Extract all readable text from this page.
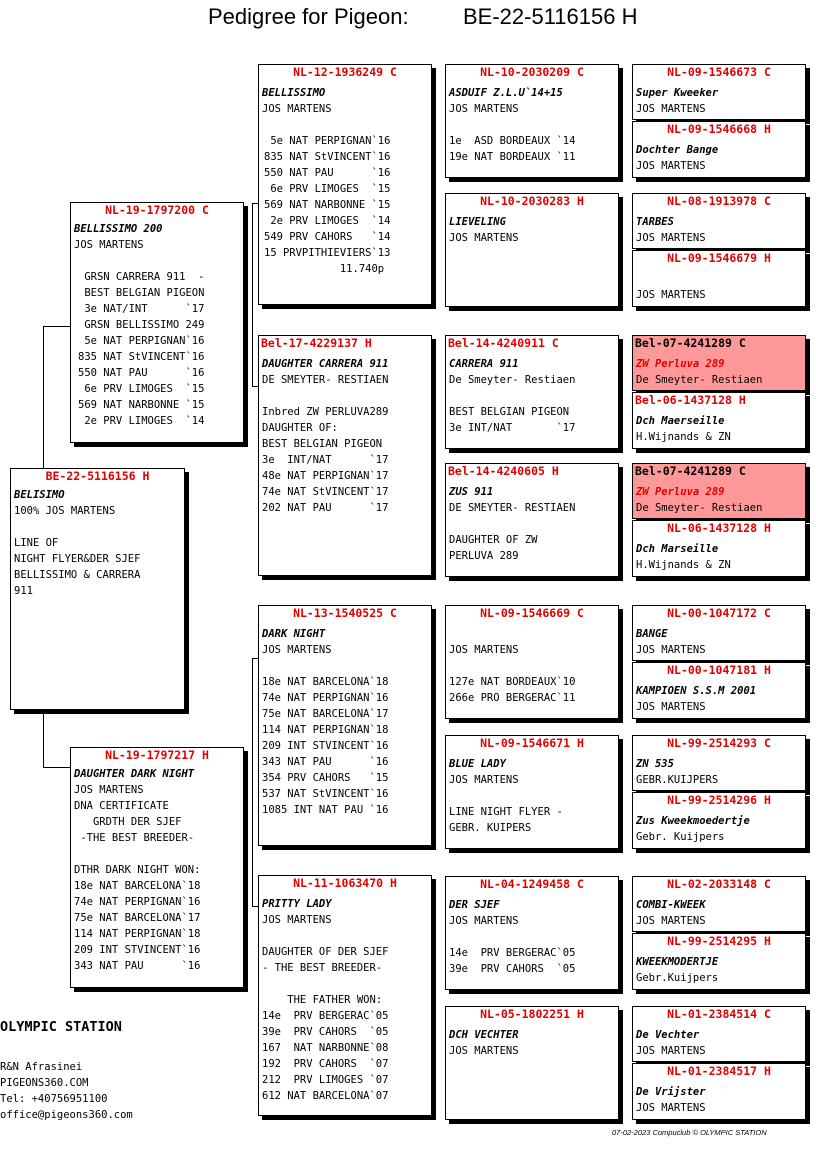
Pedigree for Pigeon: BE-22-5116156 H
BE-22-5116156 H
BELISIMO
100% JOS MARTENS
LINE OF
NIGHT FLYER&DER SJEF
BELLISSIMO & CARRERA
911
NL-19-1797200 C
BELLISSIMO 200
JOS MARTENS
GRSN CARRERA 911  -
BEST BELGIAN PIGEON
3e NAT/INT      `17
GRSN BELLISSIMO 249
5e NAT PERPIGNAN`16
835 NAT StVINCENT`16
550 NAT PAU      `16
6e PRV LIMOGES  `15
569 NAT NARBONNE `15
2e PRV LIMOGES  `14
NL-19-1797217 H
DAUGHTER DARK NIGHT
JOS MARTENS
DNA CERTIFICATE
GRDTH DER SJEF
-THE BEST BREEDER-

DTHR DARK NIGHT WON:
18e NAT BARCELONA`18
74e NAT PERPIGNAN`16
75e NAT BARCELONA`17
114 NAT PERPIGNAN`18
209 INT STVINCENT`16
343 NAT PAU      `16
NL-12-1936249 C
BELLISSIMO
JOS MARTENS
5e NAT PERPIGNAN`16
835 NAT StVINCENT`16
550 NAT PAU      `16
6e PRV LIMOGES  `15
569 NAT NARBONNE `15
2e PRV LIMOGES  `14
549 PRV CAHORS   `14
15 PRVPITHIEVIERS`13
11.740p
Bel-17-4229137 H
DAUGHTER CARRERA 911
DE SMEYTER- RESTIAEN
Inbred ZW PERLUVA289
DAUGHTER OF:
BEST BELGIAN PIGEON
3e  INT/NAT      `17
48e NAT PERPIGNAN`17
74e NAT StVINCENT`17
202 NAT PAU      `17
NL-13-1540525 C
DARK NIGHT
JOS MARTENS
18e NAT BARCELONA`18
74e NAT PERPIGNAN`16
75e NAT BARCELONA`17
114 NAT PERPIGNAN`18
209 INT STVINCENT`16
343 NAT PAU      `16
354 PRV CAHORS   `15
537 NAT StVINCENT`16
1085 INT NAT PAU `16
NL-11-1063470 H
PRITTY LADY
JOS MARTENS
DAUGHTER OF DER SJEF
- THE BEST BREEDER-

THE FATHER WON:
14e  PRV BERGERAC`05
39e  PRV CAHORS  `05
167  NAT NARBONNE`08
192  PRV CAHORS  `07
212  PRV LIMOGES `07
612 NAT BARCELONA`07
NL-10-2030209 C
ASDUIF Z.L.U`14+15
JOS MARTENS
1e  ASD BORDEAUX `14
19e NAT BORDEAUX `11
NL-10-2030283 H
LIEVELING
JOS MARTENS
Bel-14-4240911 C
CARRERA 911
De Smeyter- Restiaen
BEST BELGIAN PIGEON
3e INT/NAT       `17
Bel-14-4240605 H
ZUS 911
DE SMEYTER- RESTIAEN
DAUGHTER OF ZW
PERLUVA 289
NL-09-1546669 C
JOS MARTENS
127e NAT BORDEAUX`10
266e PRO BERGERAC`11
NL-09-1546671 H
BLUE LADY
JOS MARTENS
LINE NIGHT FLYER -
GEBR. KUIPERS
NL-04-1249458 C
DER SJEF
JOS MARTENS
14e  PRV BERGERAC`05
39e  PRV CAHORS  `05
NL-05-1802251 H
DCH VECHTER
JOS MARTENS
NL-09-1546673 C
Super Kweeker
JOS MARTENS
NL-09-1546668 H
Dochter Bange
JOS MARTENS
NL-08-1913978 C
TARBES
JOS MARTENS
NL-09-1546679 H
JOS MARTENS
Bel-07-4241289 C
ZW Perluva 289
De Smeyter- Restiaen
Bel-06-1437128 H
Dch Maerseille
H.Wijnands & ZN
Bel-07-4241289 C
ZW Perluva 289
De Smeyter- Restiaen
NL-06-1437128 H
Dch Marseille
H.Wijnands & ZN
NL-00-1047172 C
BANGE
JOS MARTENS
NL-00-1047181 H
KAMPIOEN S.S.M 2001
JOS MARTENS
NL-99-2514293 C
ZN 535
GEBR.KUIJPERS
NL-99-2514296 H
Zus Kweekmoedertje
Gebr. Kuijpers
NL-02-2033148 C
COMBI-KWEEK
JOS MARTENS
NL-99-2514295 H
KWEEKMODERTJE
Gebr.Kuijpers
NL-01-2384514 C
De Vechter
JOS MARTENS
NL-01-2384517 H
De Vrijster
JOS MARTENS
OLYMPIC STATION
R&N Afrasinei
PIGEONS360.COM
Tel: +40756951100
office@pigeons360.com
07-02-2023 Compuclub © OLYMPIC STATION
